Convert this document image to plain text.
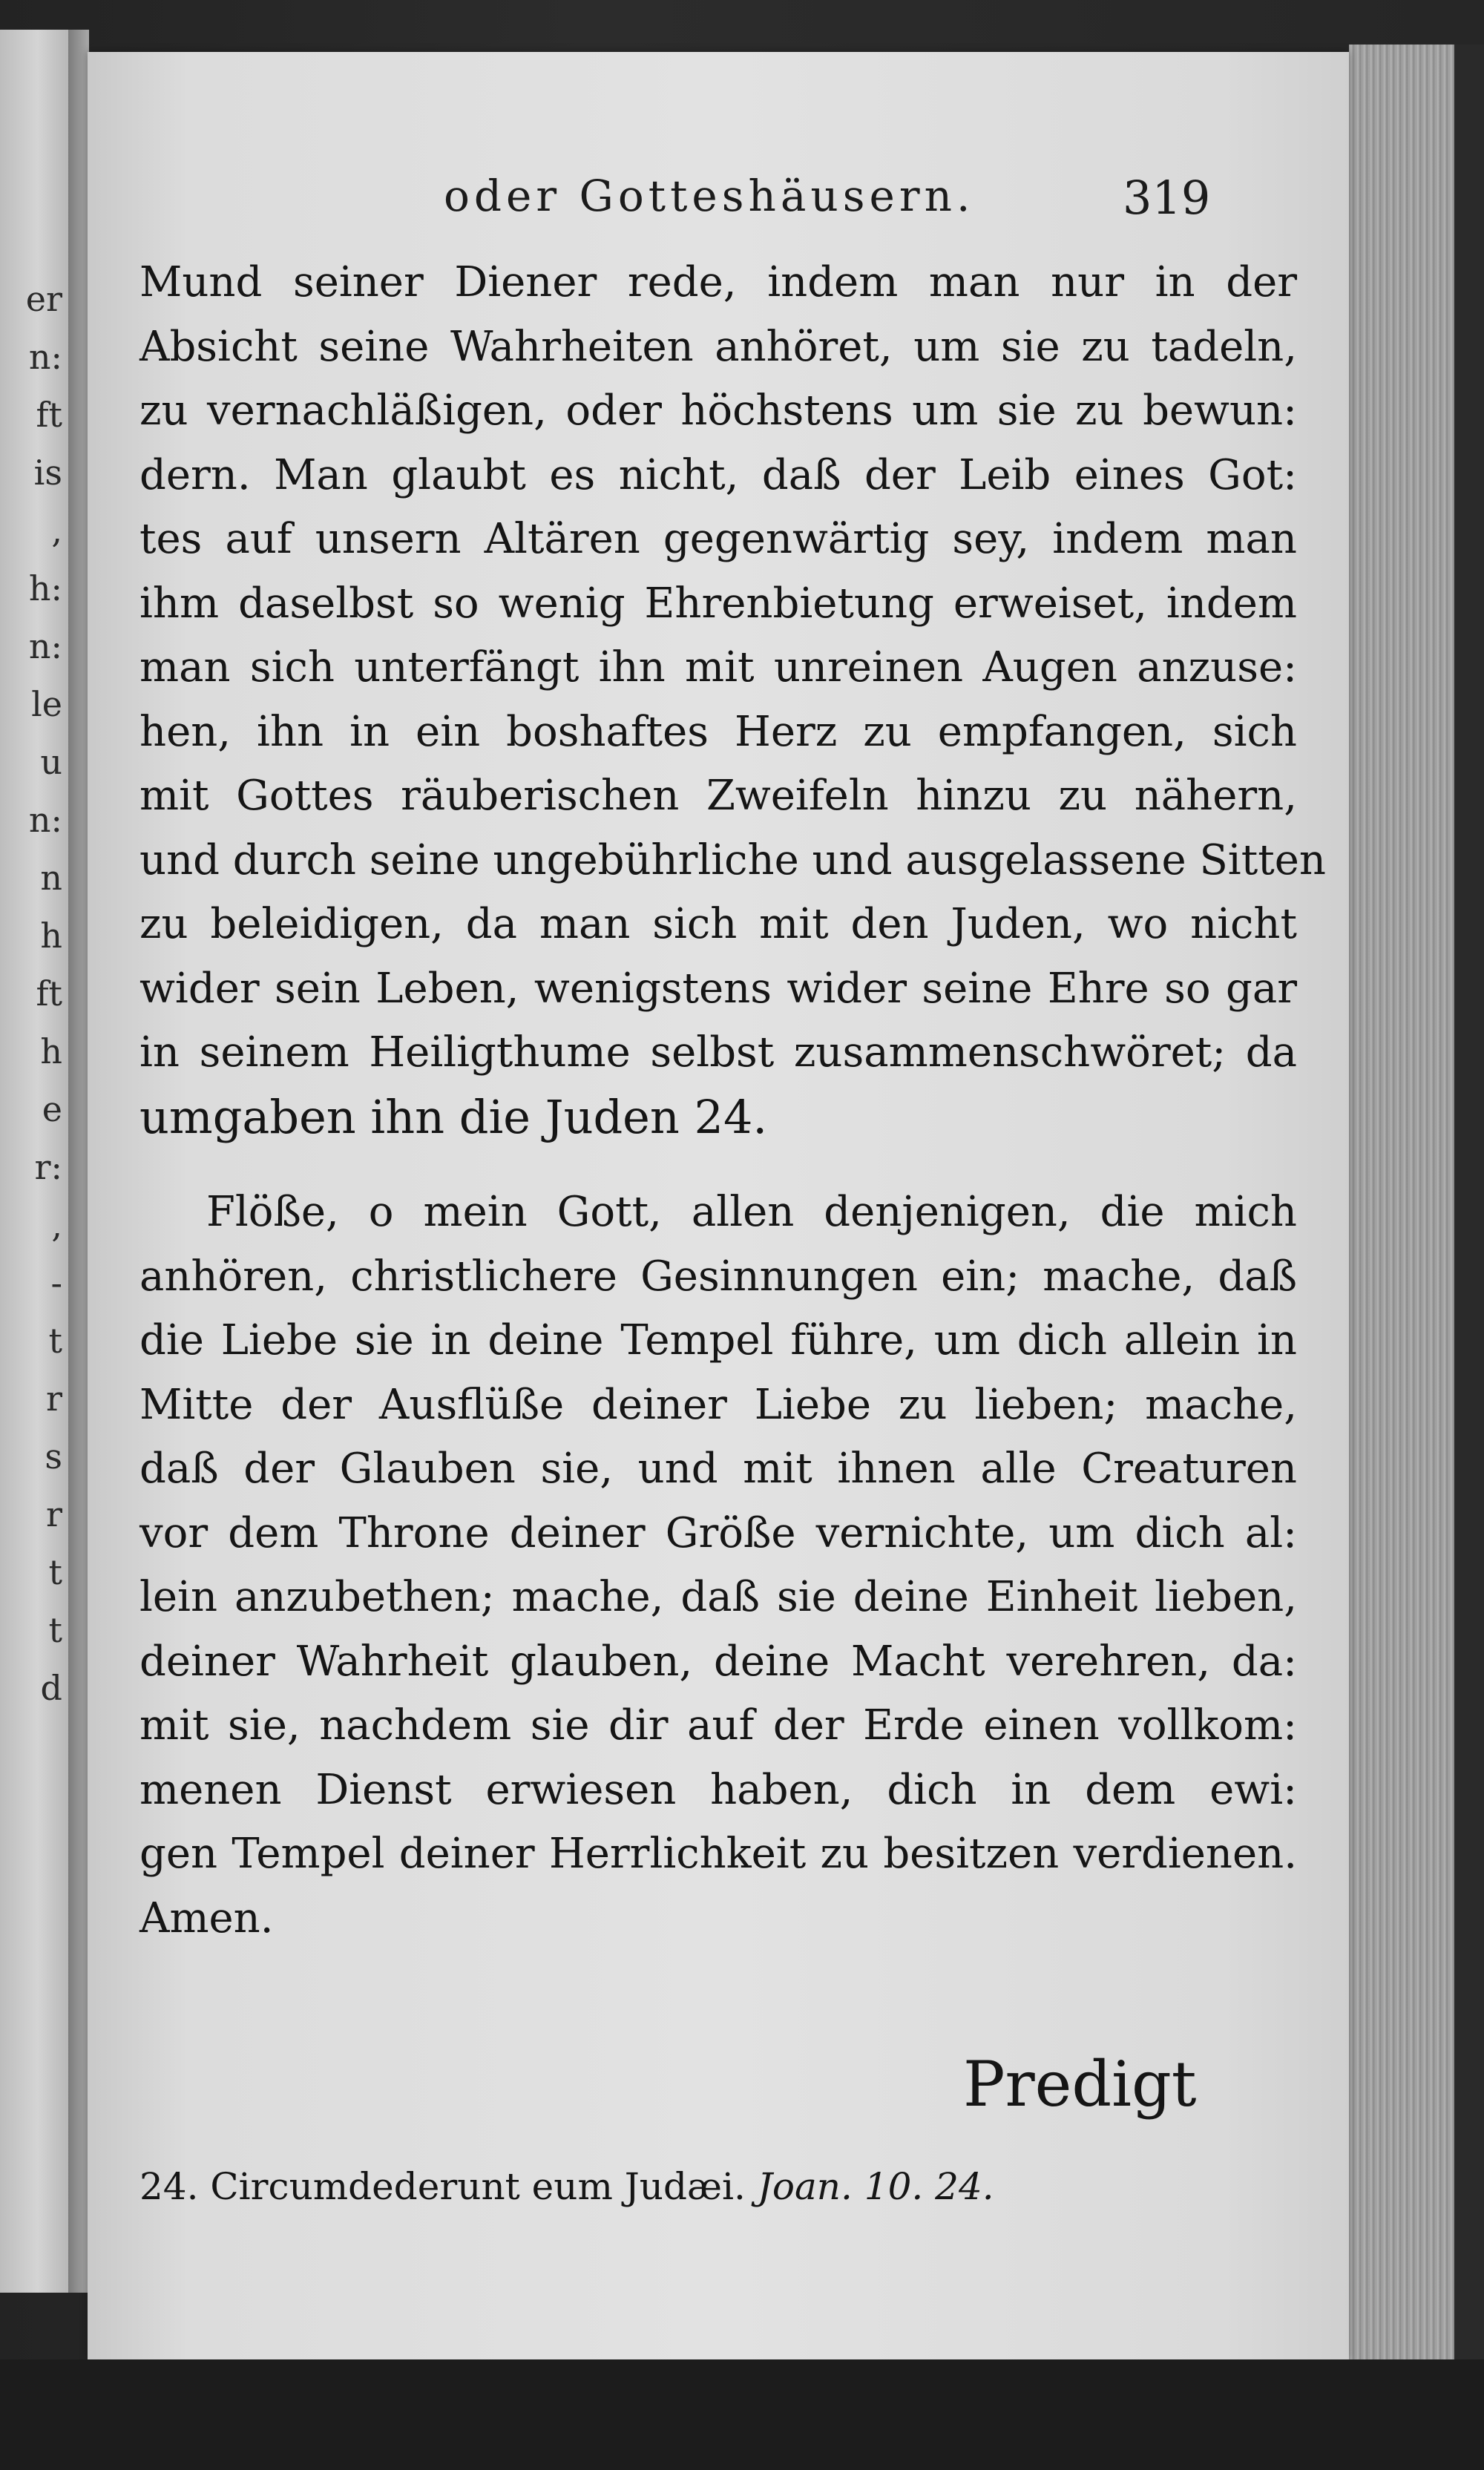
er
n:
ft
is
,
h:
n:
le
u
n:
n
h
ft
h
e
r:
,
-
t
r
s
r
t
t
d
oder Gotteshäusern.	319
Mund seiner Diener rede, indem man nur in der
Absicht seine Wahrheiten anhöret, um sie zu tadeln,
zu vernachläßigen, oder höchstens um sie zu bewun:
dern. Man glaubt es nicht, daß der Leib eines Got:
tes auf unsern Altären gegenwärtig sey, indem man
ihm daselbst so wenig Ehrenbietung erweiset, indem
man sich unterfängt ihn mit unreinen Augen anzuse:
hen, ihn in ein boshaftes Herz zu empfangen, sich
mit Gottes räuberischen Zweifeln hinzu zu nähern,
und durch seine ungebührliche und ausgelassene Sitten
zu beleidigen, da man sich mit den Juden, wo nicht
wider sein Leben, wenigstens wider seine Ehre so gar
in seinem Heiligthume selbst zusammenschwöret; da
umgaben ihn die Juden 24.
Flöße, o mein Gott, allen denjenigen, die mich
anhören, christlichere Gesinnungen ein; mache, daß
die Liebe sie in deine Tempel führe, um dich allein in
Mitte der Ausflüße deiner Liebe zu lieben; mache,
daß der Glauben sie, und mit ihnen alle Creaturen
vor dem Throne deiner Größe vernichte, um dich al:
lein anzubethen; mache, daß sie deine Einheit lieben,
deiner Wahrheit glauben, deine Macht verehren, da:
mit sie, nachdem sie dir auf der Erde einen vollkom:
menen Dienst erwiesen haben, dich in dem ewi:
gen Tempel deiner Herrlichkeit zu besitzen verdienen.
Amen.
Predigt
24. Circumdederunt eum Judæi. Joan. 10. 24.
